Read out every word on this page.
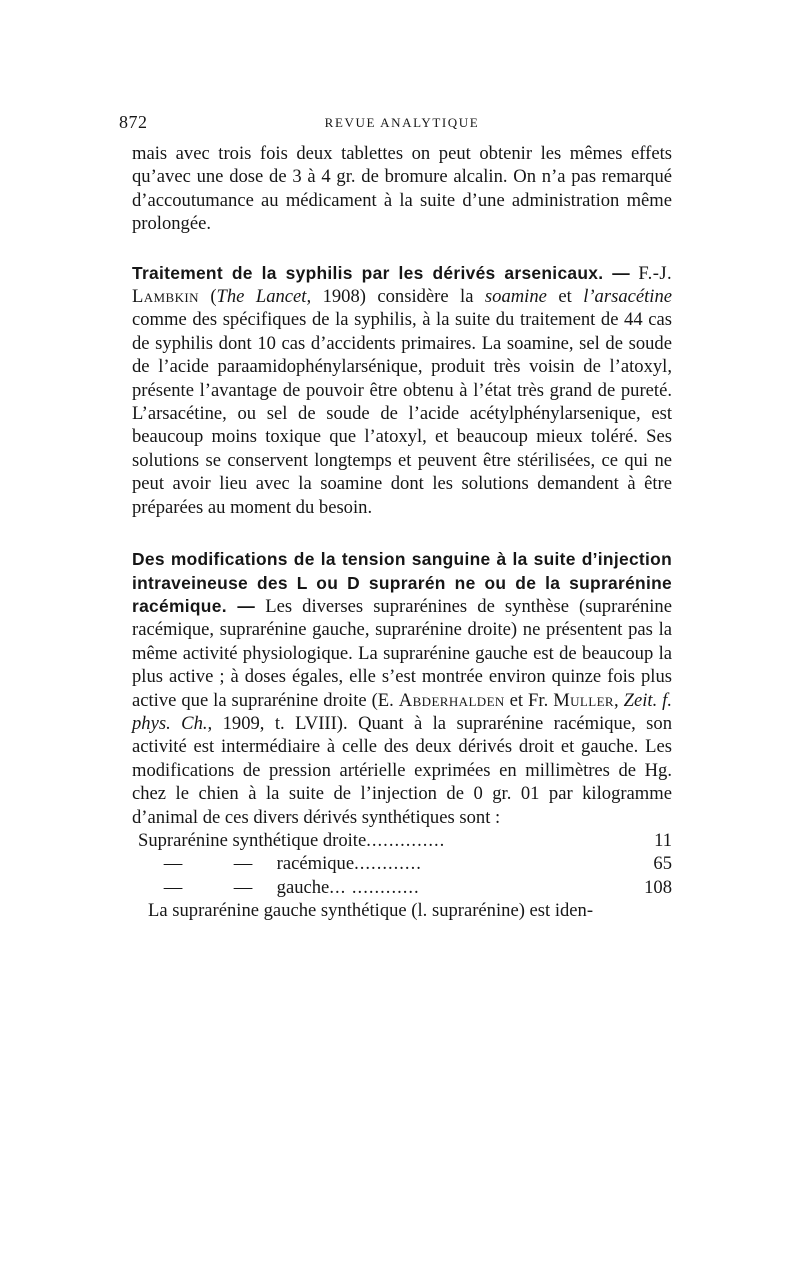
872	REVUE ANALYTIQUE

mais avec trois fois deux tablettes on peut obtenir les mêmes effets qu’avec une dose de 3 à 4 gr. de bromure alcalin. On n’a pas remarqué d’accoutumance au médicament à la suite d’une administration même prolongée.

Traitement de la syphilis par les dérivés arsenicaux. — F.-J. Lambkin (The Lancet, 1908) considère la soamine et l’arsacétine comme des spécifiques de la syphilis, à la suite du traitement de 44 cas de syphilis dont 10 cas d’accidents primaires. La soamine, sel de soude de l’acide paraamidophénylarsénique, produit très voisin de l’atoxyl, présente l’avantage de pouvoir être obtenu à l’état très grand de pureté. L’arsacétine, ou sel de soude de l’acide acétylphénylarsenique, est beaucoup moins toxique que l’atoxyl, et beaucoup mieux toléré. Ses solutions se conservent longtemps et peuvent être stérilisées, ce qui ne peut avoir lieu avec la soamine dont les solutions demandent à être préparées au moment du besoin.

Des modifications de la tension sanguine à la suite d’injection intraveineuse des L ou D suprarén ne ou de la suprarénine racémique. — Les diverses suprarénines de synthèse (suprarénine racémique, suprarénine gauche, suprarénine droite) ne présentent pas la même activité physiologique. La suprarénine gauche est de beaucoup la plus active ; à doses égales, elle s’est montrée environ quinze fois plus active que la suprarénine droite (E. Abderhalden et Fr. Muller, Zeit. f. phys. Ch., 1909, t. LVIII). Quant à la suprarénine racémique, son activité est intermédiaire à celle des deux dérivés droit et gauche. Les modifications de pression artérielle exprimées en millimètres de Hg. chez le chien à la suite de l’injection de 0 gr. 01 par kilogramme d’animal de ces divers dérivés synthétiques sont :

Suprarénine synthétique droite..............	11
—	— racémique............	65
—	— gauche... ............	108

La suprarénine gauche synthétique (l. suprarénine) est iden-
